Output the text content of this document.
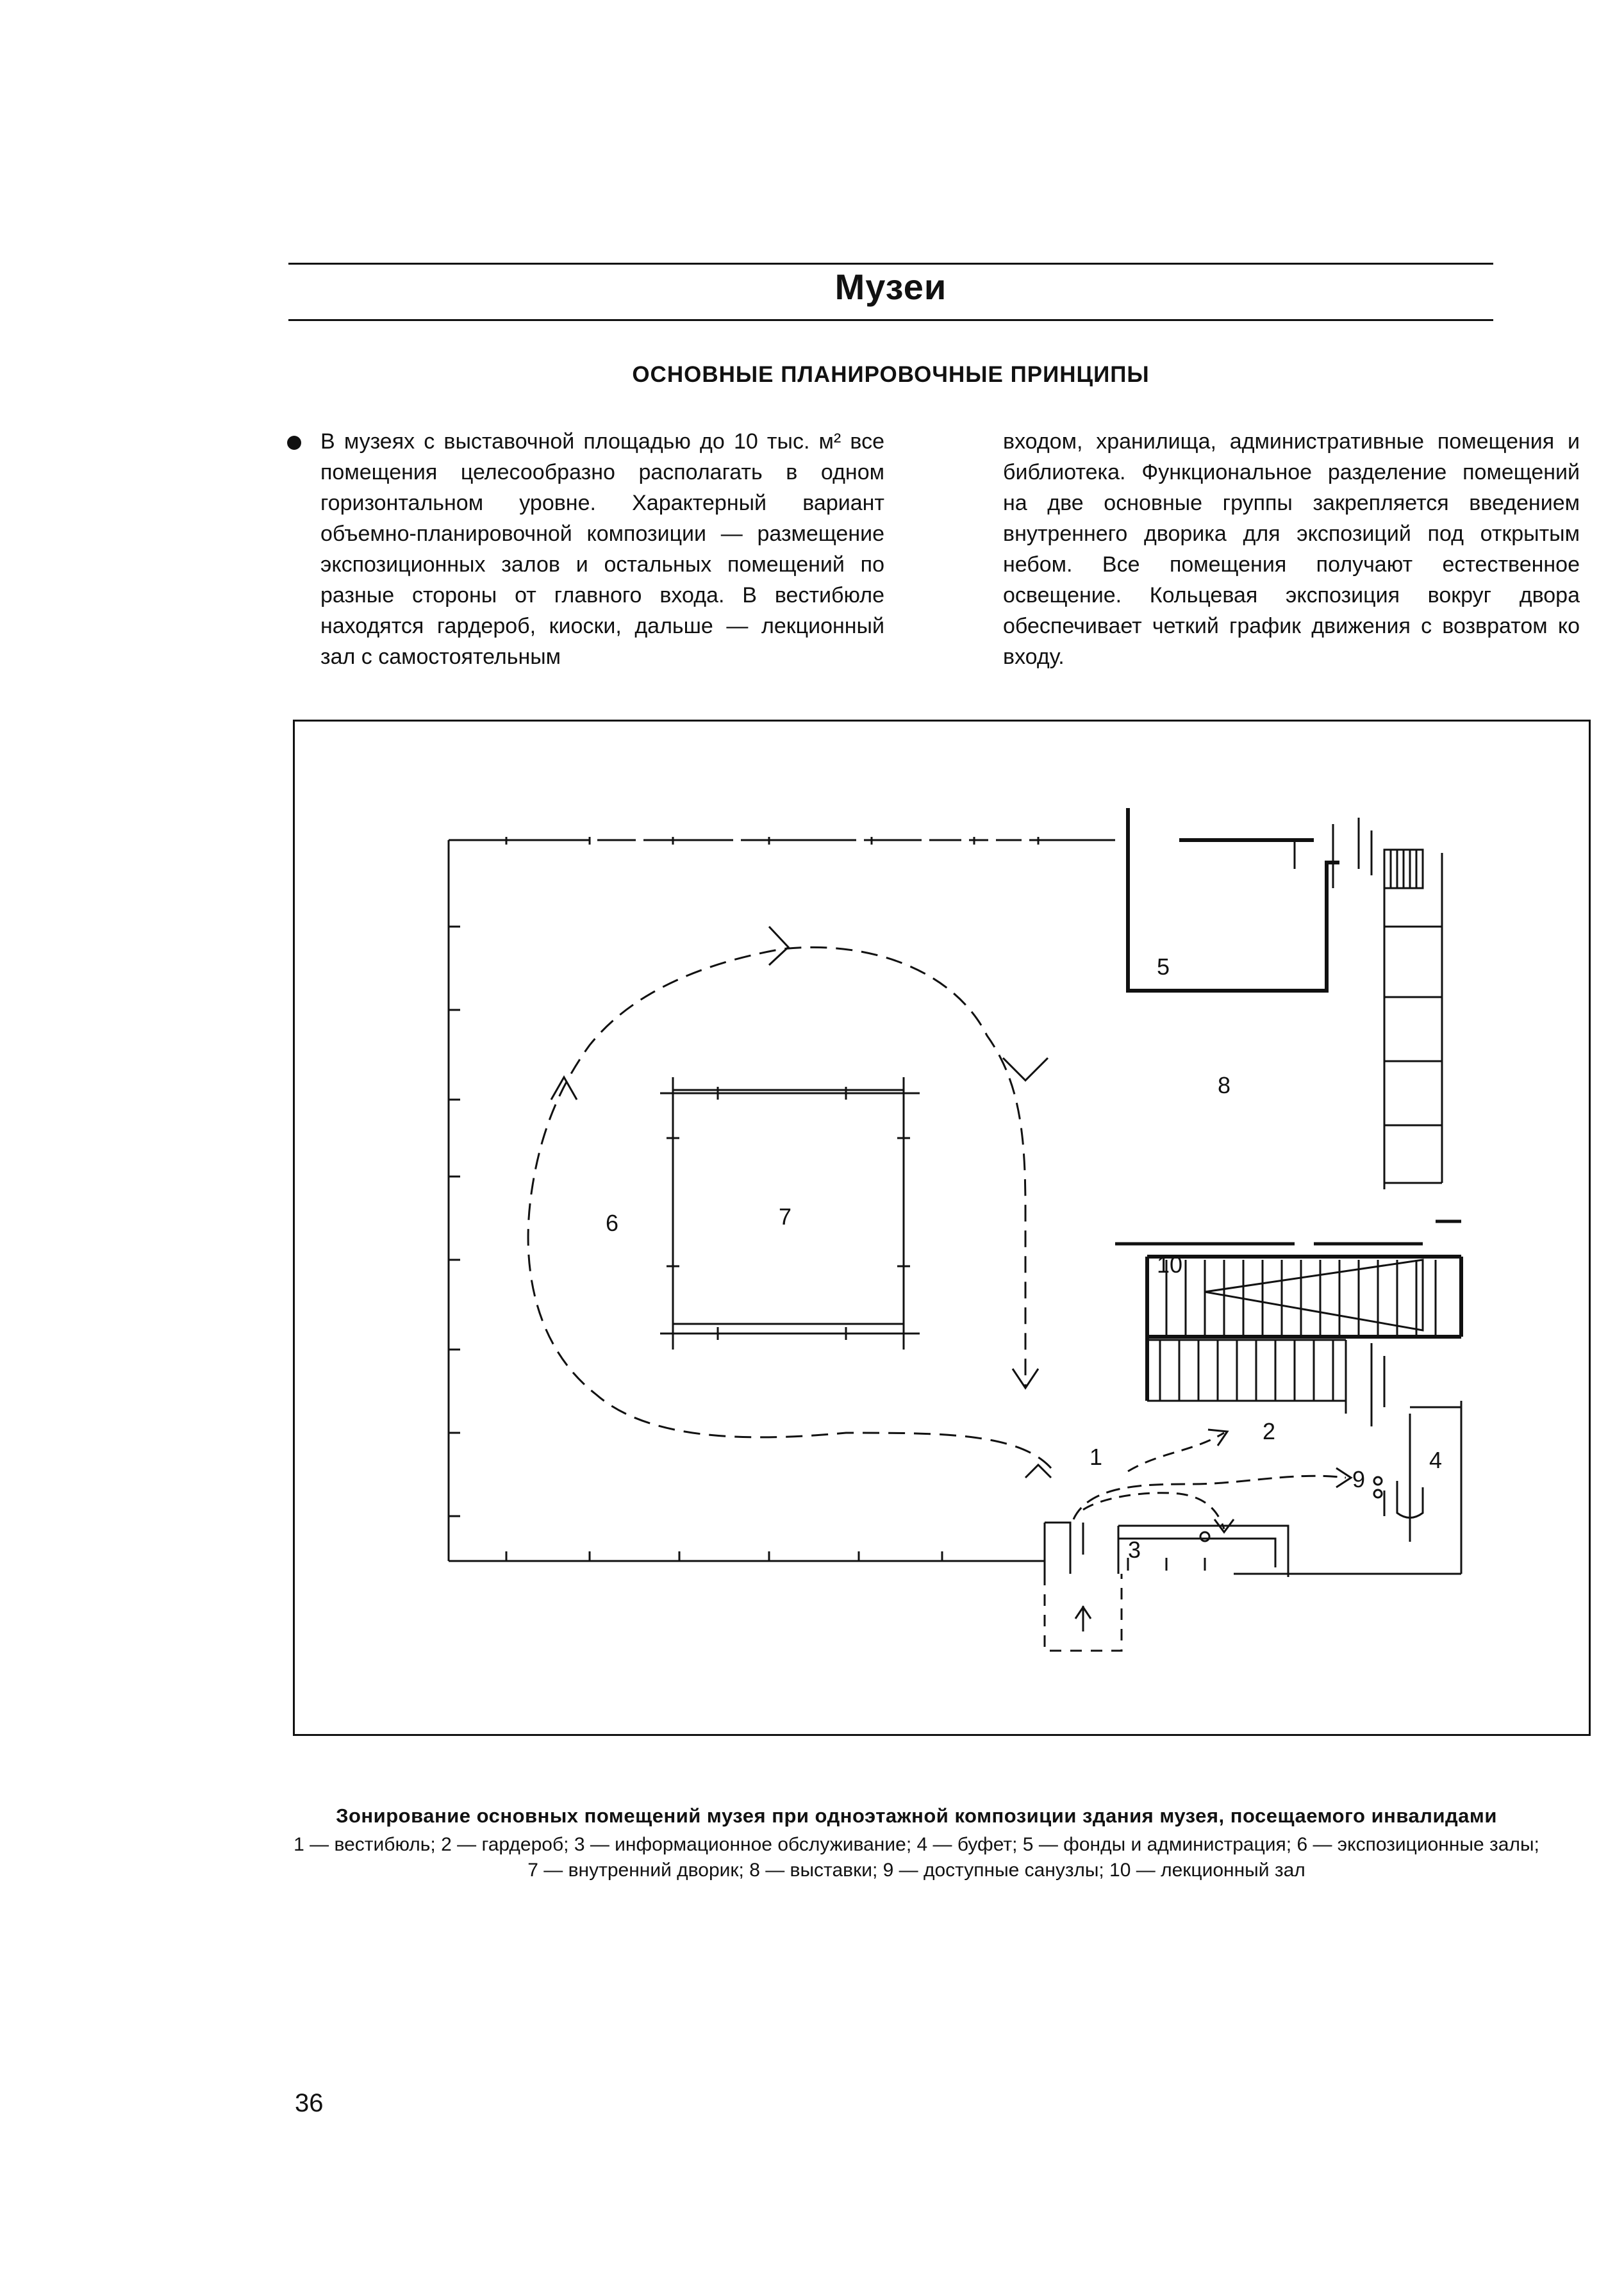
Музеи
ОСНОВНЫЕ ПЛАНИРОВОЧНЫЕ ПРИНЦИПЫ
В музеях с выставочной площадью до 10 тыс. м² все помещения целесообразно располагать в одном горизонтальном уровне. Характерный вариант объемно-планировочной композиции — размещение экспозиционных залов и остальных помещений по разные стороны от главного входа. В вестибюле находятся гардероб, киоски, дальше — лекционный зал с самостоятельным
входом, хранилища, административные помещения и библиотека. Функциональное разделение помещений на две основные группы закрепляется введением внутреннего дворика для экспозиций под открытым небом. Все помещения получают естественное освещение. Кольцевая экспозиция вокруг двора обеспечивает четкий график движения с возвратом ко входу.
5
8
6	7
10
1
2
9
4
3
Зонирование основных помещений музея при одноэтажной композиции здания музея, посещаемого инвалидами
1 — вестибюль; 2 — гардероб; 3 — информационное обслуживание; 4 — буфет; 5 — фонды и администрация; 6 — экспозиционные залы; 7 — внутренний дворик; 8 — выставки; 9 — доступные санузлы; 10 — лекционный зал
36
